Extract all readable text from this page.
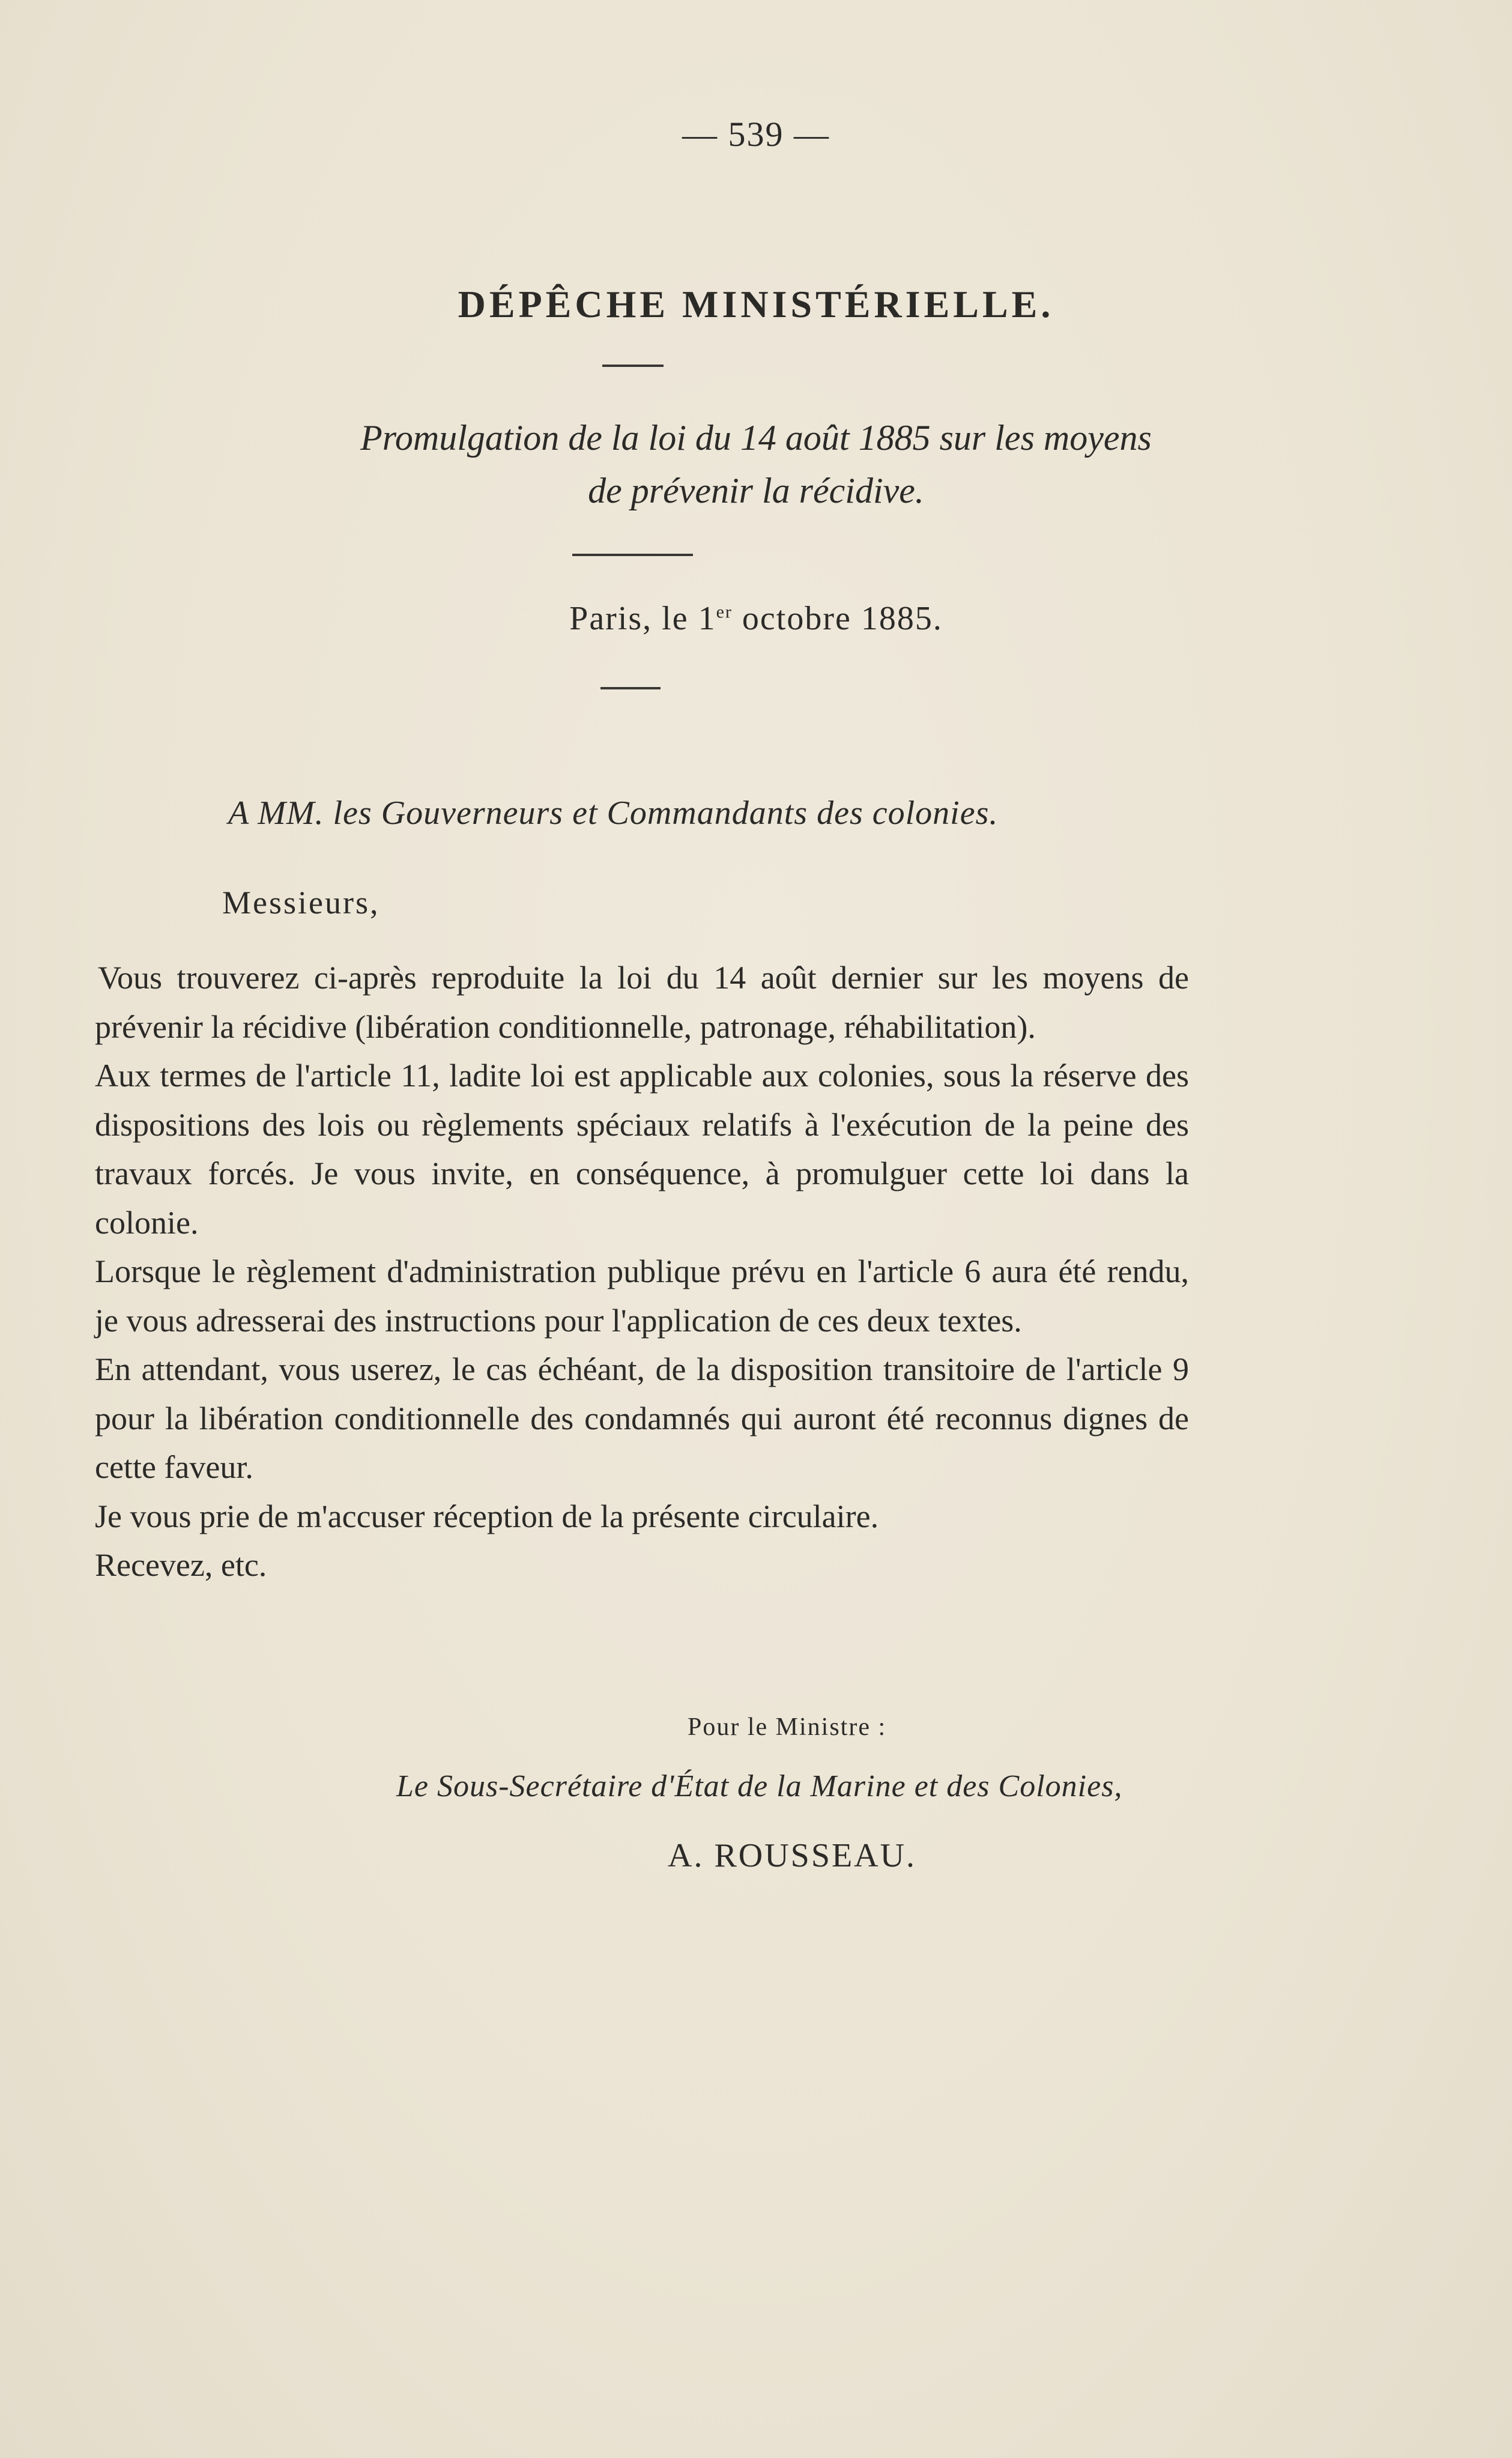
— 539 —
DÉPÊCHE MINISTÉRIELLE.
Promulgation de la loi du 14 août 1885 sur les moyens
de prévenir la récidive.
Paris, le 1er octobre 1885.
A MM. les Gouverneurs et Commandants des colonies.
Messieurs,

Vous trouverez ci-après reproduite la loi du 14 août dernier sur les moyens de prévenir la récidive (libération conditionnelle, patronage, réhabilitation).

Aux termes de l'article 11, ladite loi est applicable aux colonies, sous la réserve des dispositions des lois ou règlements spéciaux relatifs à l'exécution de la peine des travaux forcés. Je vous invite, en conséquence, à promulguer cette loi dans la colonie.

Lorsque le règlement d'administration publique prévu en l'article 6 aura été rendu, je vous adresserai des instructions pour l'application de ces deux textes.

En attendant, vous userez, le cas échéant, de la disposition transitoire de l'article 9 pour la libération conditionnelle des condamnés qui auront été reconnus dignes de cette faveur.

Je vous prie de m'accuser réception de la présente circulaire.

Recevez, etc.

Pour le Ministre :
Le Sous-Secrétaire d'État de la Marine et des Colonies,
A. ROUSSEAU.
